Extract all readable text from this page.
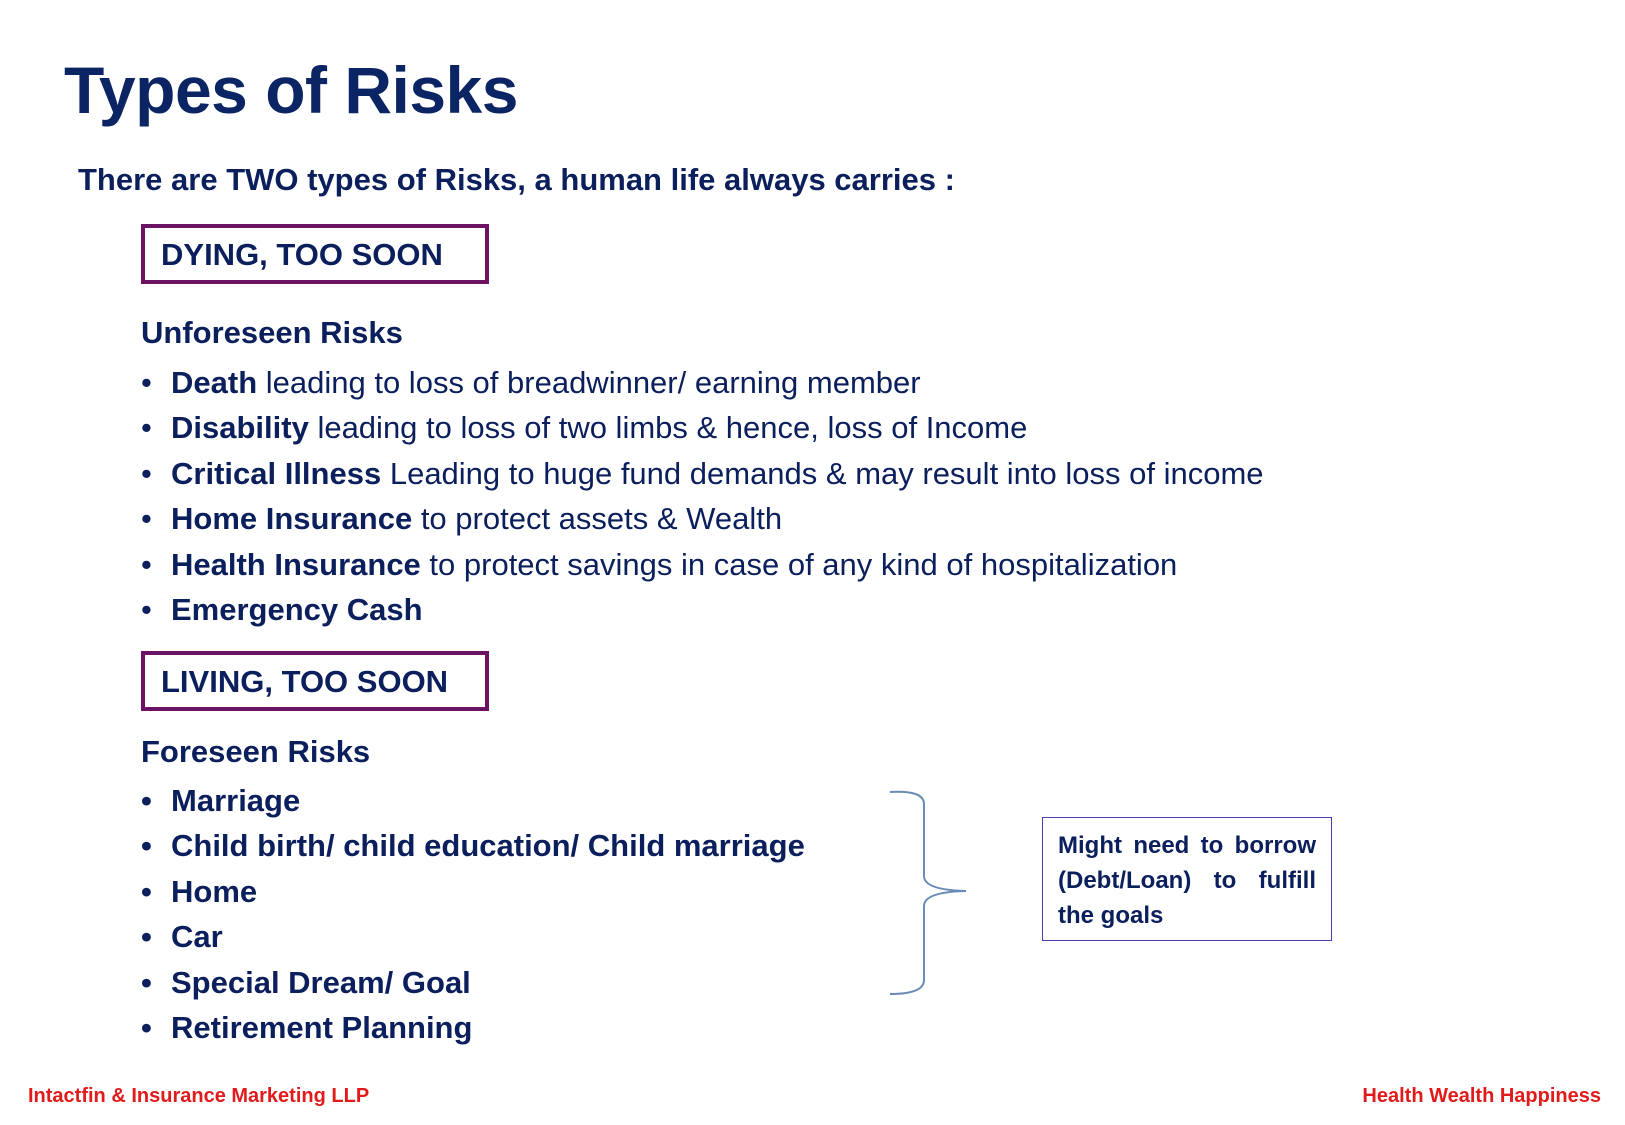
Types of Risks
There are TWO types of Risks, a human life always carries :
DYING, TOO SOON
Unforeseen Risks
• Death leading to loss of breadwinner/ earning member
• Disability leading to loss of two limbs & hence, loss of Income
• Critical Illness Leading to huge fund demands & may result into loss of income
• Home Insurance to protect assets & Wealth
• Health Insurance to protect savings in case of any kind of hospitalization
• Emergency Cash
LIVING, TOO SOON
Foreseen Risks
• Marriage
• Child birth/ child education/ Child marriage
• Home
• Car
• Special Dream/ Goal
• Retirement Planning
Might need to borrow (Debt/Loan) to fulfill the goals
Intactfin & Insurance Marketing LLP	Health Wealth Happiness
